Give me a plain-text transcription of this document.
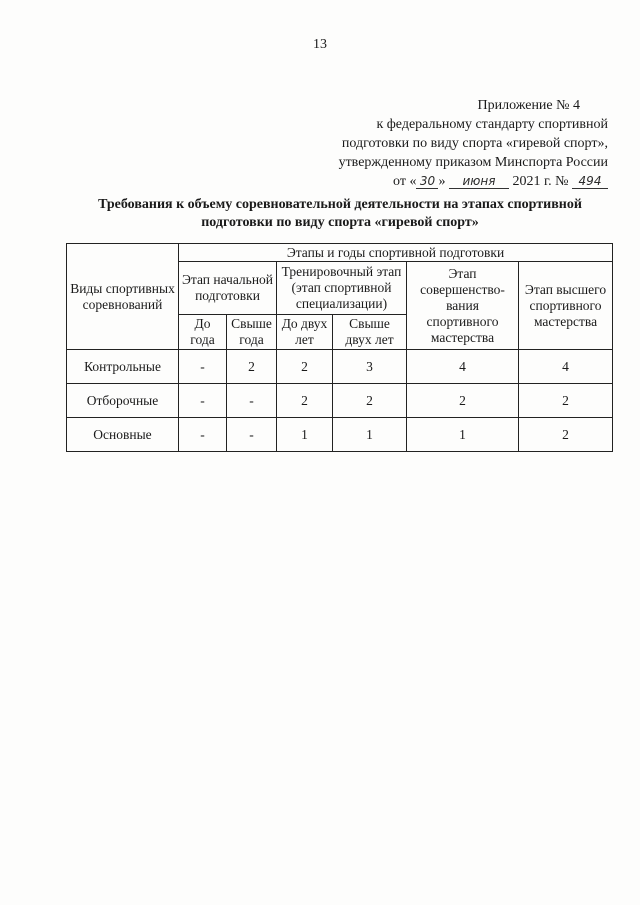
13
Приложение № 4
к федеральному стандарту спортивной
подготовки по виду спорта «гиревой спорт»,
утвержденному приказом Минспорта России
от « 30 » июня 2021 г. № 494
Требования к объему соревновательной деятельности на этапах спортивной
подготовки по виду спорта «гиревой спорт»
Виды спортивных соревнований	Этапы и годы спортивной подготовки					
	Этап начальной подготовки		Тренировочный этап (этап спортивной специализации)		Этап совершенство-вания спортивного мастерства	Этап высшего спортивного мастерства
	До года	Свыше года	До двух лет	Свыше двух лет		
Контрольные	-	2	2	3	4	4
Отборочные	-	-	2	2	2	2
Основные	-	-	1	1	1	2
